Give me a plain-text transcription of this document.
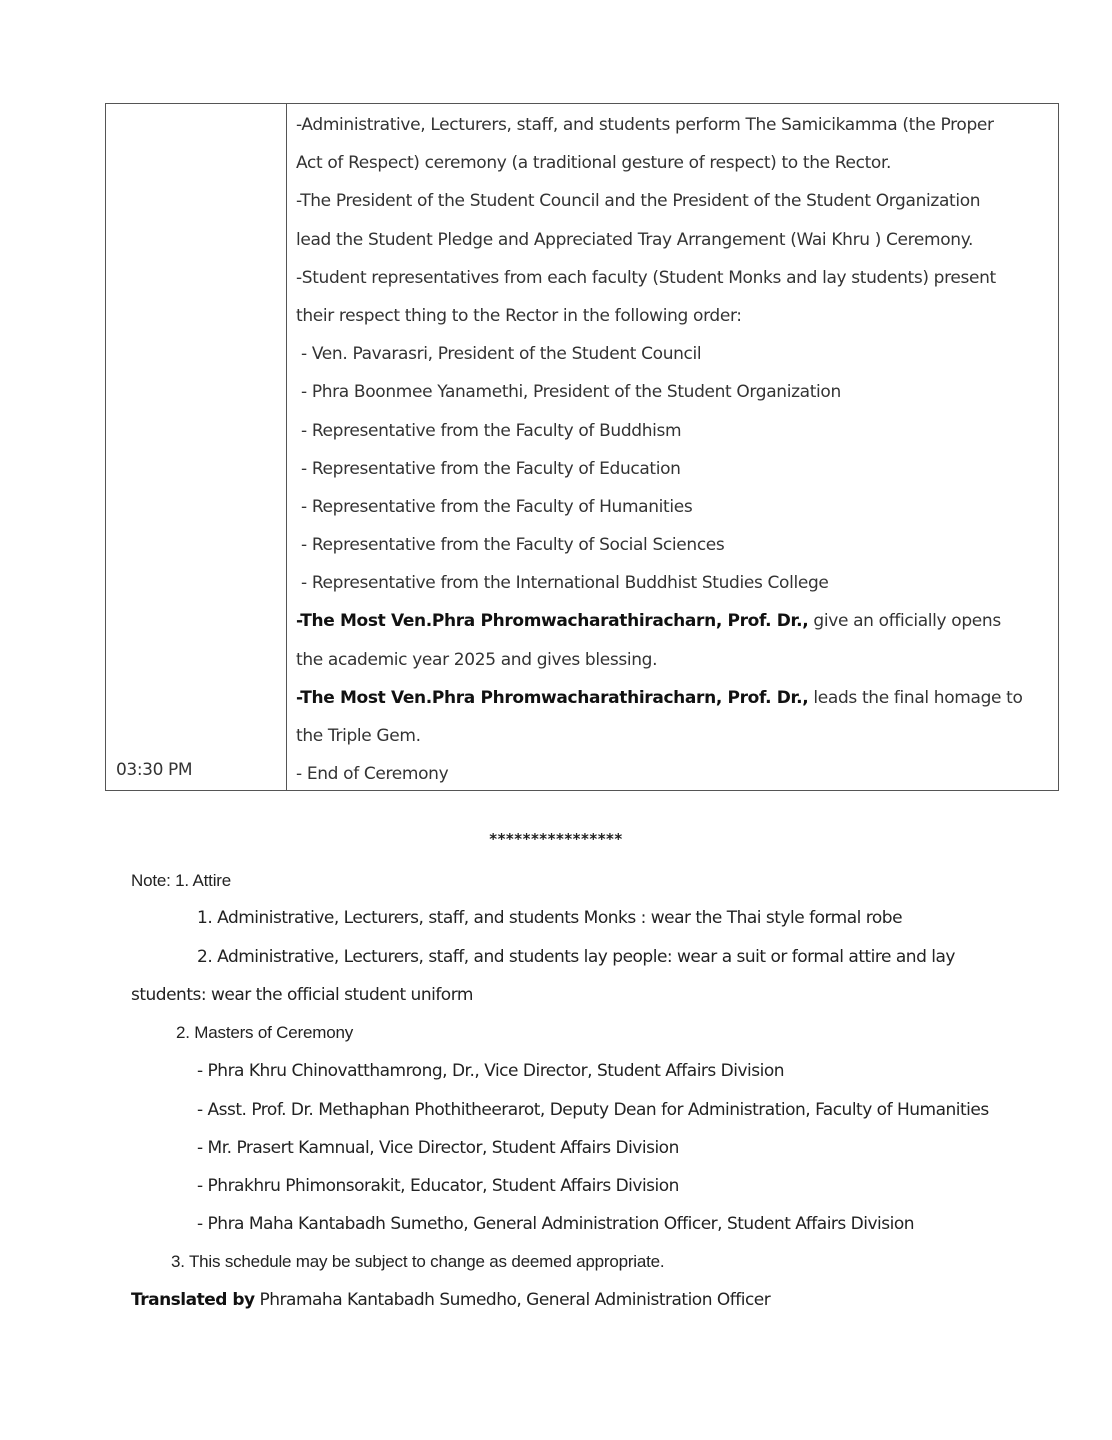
03:30 PM
-Administrative, Lecturers, staff, and students perform The Samicikamma (the Proper
Act of Respect) ceremony (a traditional gesture of respect) to the Rector.
-The President of the Student Council and the President of the Student Organization
lead the Student Pledge and Appreciated Tray Arrangement (Wai Khru ) Ceremony.
-Student representatives from each faculty (Student Monks and lay students) present
their respect thing to the Rector in the following order:
- Ven. Pavarasri, President of the Student Council
- Phra Boonmee Yanamethi, President of the Student Organization
- Representative from the Faculty of Buddhism
- Representative from the Faculty of Education
- Representative from the Faculty of Humanities
- Representative from the Faculty of Social Sciences
- Representative from the International Buddhist Studies College
-The Most Ven.Phra Phromwacharathiracharn, Prof. Dr., give an officially opens
the academic year 2025 and gives blessing.
-The Most Ven.Phra Phromwacharathiracharn, Prof. Dr., leads the final homage to
the Triple Gem.
- End of Ceremony
****************
Note: 1. Attire
1. Administrative, Lecturers, staff, and students Monks : wear the Thai style formal robe
2. Administrative, Lecturers, staff, and students lay people: wear a suit or formal attire and lay
students: wear the official student uniform
2. Masters of Ceremony
- Phra Khru Chinovatthamrong, Dr., Vice Director, Student Affairs Division
- Asst. Prof. Dr. Methaphan Phothitheerarot, Deputy Dean for Administration, Faculty of Humanities
- Mr. Prasert Kamnual, Vice Director, Student Affairs Division
- Phrakhru Phimonsorakit, Educator, Student Affairs Division
- Phra Maha Kantabadh Sumetho, General Administration Officer, Student Affairs Division
3. This schedule may be subject to change as deemed appropriate.
Translated by Phramaha Kantabadh Sumedho, General Administration Officer
